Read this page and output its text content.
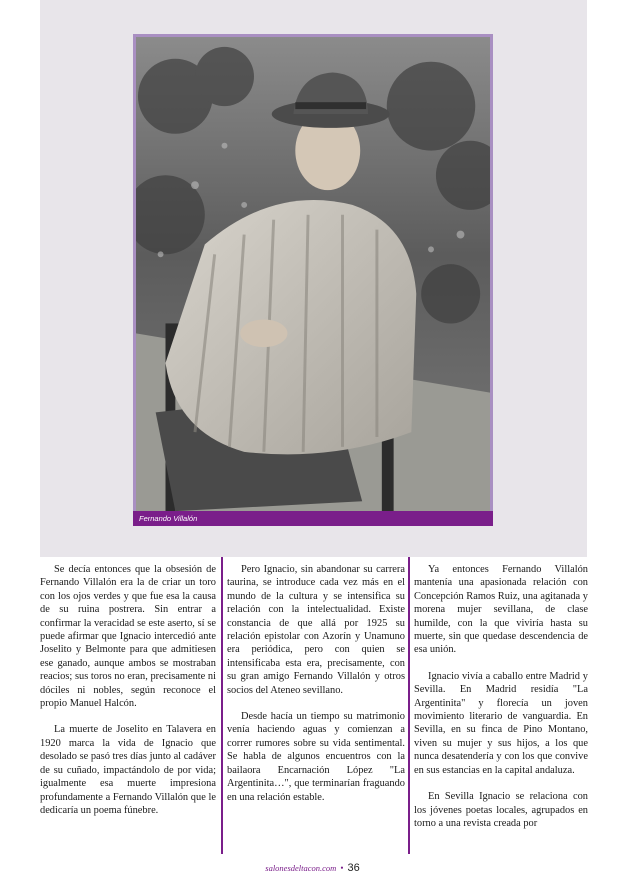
Fernando Villalón

Se decía entonces que la obsesión de Fernando Villalón era la de criar un toro con los ojos verdes y que fue esa la causa de su ruina postrera. Sin entrar a confirmar la veracidad se este aserto, sí se puede afirmar que Ignacio intercedió ante Joselito y Belmonte para que admitiesen ese ganado, aunque ambos se mostraban reacios; sus toros no eran, precisamente ni dóciles ni nobles, según reconoce el propio Manuel Halcón.

La muerte de Joselito en Talavera en 1920 marca la vida de Ignacio que desolado se pasó tres días junto al cadáver de su cuñado, impactándolo de por vida; igualmente esa muerte impresiona profundamente a Fernando Villalón que le dedicaría un poema fúnebre.

Pero Ignacio, sin abandonar su carrera taurina, se introduce cada vez más en el mundo de la cultura y se intensifica su relación con la intelectualidad. Existe constancia de que allá por 1925 su relación epistolar con Azorín y Unamuno era periódica, pero con quien se intensificaba esta era, precisamente, con su gran amigo Fernando Villalón y otros socios del Ateneo sevillano.

Desde hacía un tiempo su matrimonio venía haciendo aguas y comienzan a correr rumores sobre su vida sentimental. Se habla de algunos encuentros con la bailaora Encarnación López "La Argentinita…", que terminarían fraguando en una relación estable.

Ya entonces Fernando Villalón mantenía una apasionada relación con Concepción Ramos Ruiz, una agitanada y morena mujer sevillana, de clase humilde, con la que viviría hasta su muerte, sin que quedase descendencia de esa unión.

Ignacio vivía a caballo entre Madrid y Sevilla. En Madrid residía "La Argentinita" y florecía un joven movimiento literario de vanguardia. En Sevilla, en su finca de Pino Montano, viven su mujer y sus hijos, a los que nunca desatendería y con los que convive en sus estancias en la capital andaluza.

En Sevilla Ignacio se relaciona con los jóvenes poetas locales, agrupados en torno a una revista creada por

salonesdeltacon.com • 36
